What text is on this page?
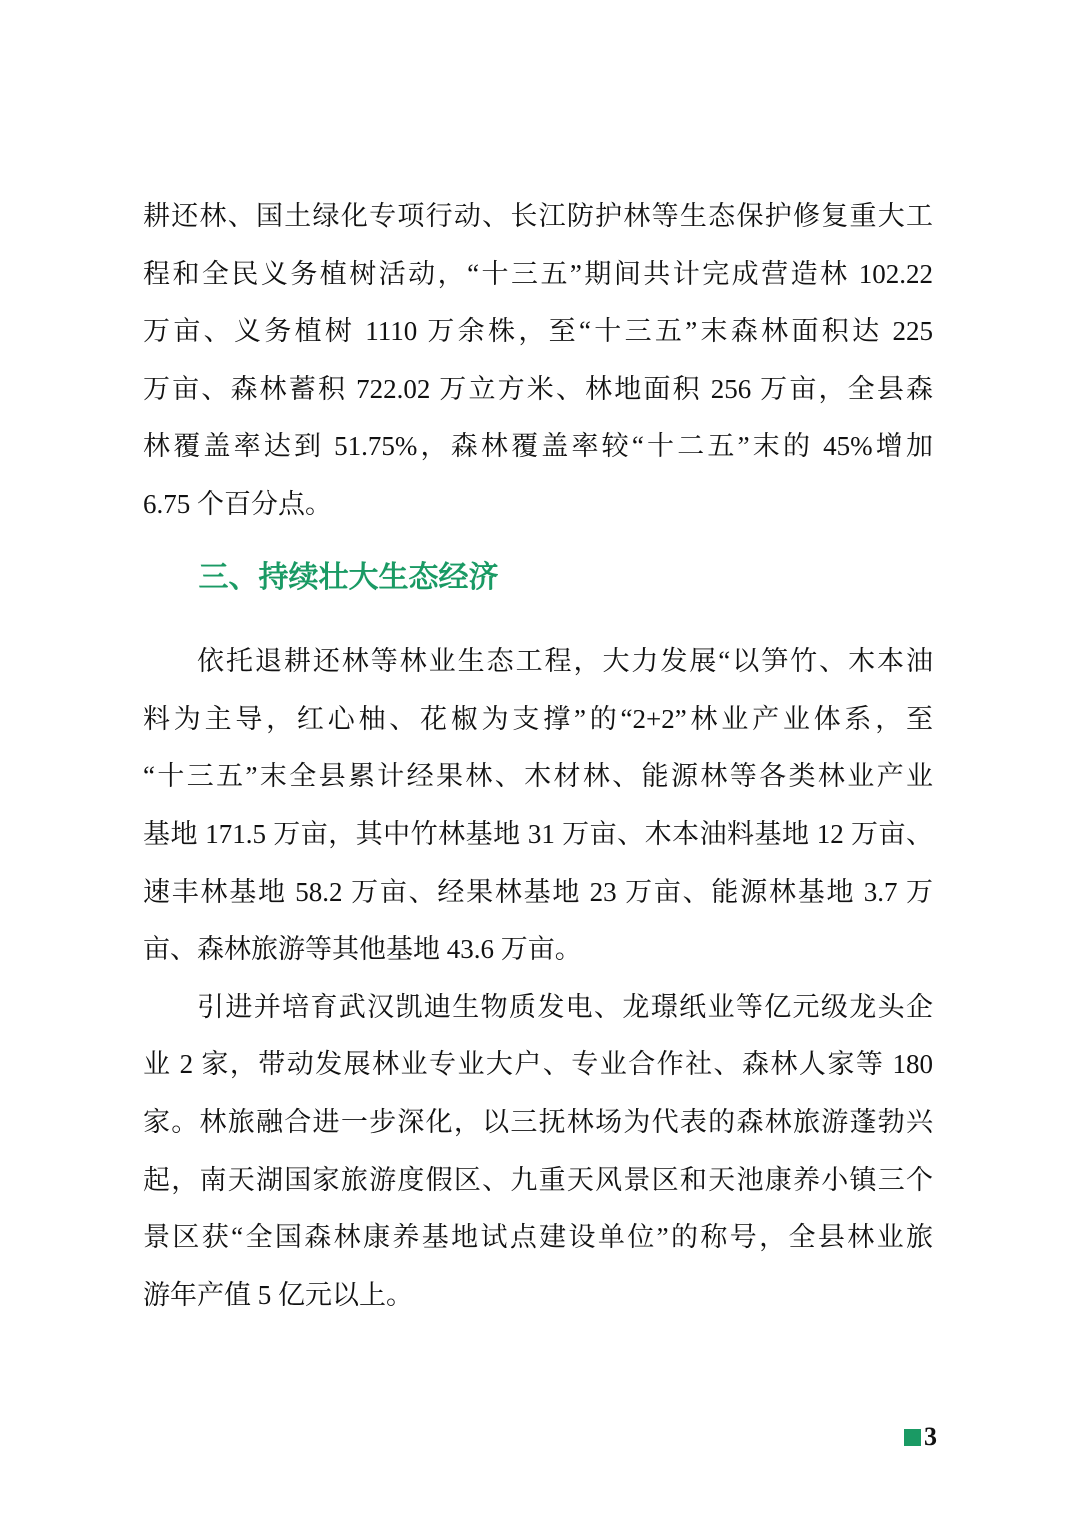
耕还林、国土绿化专项行动、长江防护林等生态保护修复重大工
程和全民义务植树活动，“十三五”期间共计完成营造林 102.22
万亩、义务植树 1110 万余株，至“十三五”末森林面积达 225
万亩、森林蓄积 722.02 万立方米、林地面积 256 万亩，全县森
林覆盖率达到 51.75%，森林覆盖率较“十二五”末的 45%增加
6.75 个百分点。

三、持续壮大生态经济

依托退耕还林等林业生态工程，大力发展“以笋竹、木本油
料为主导，红心柚、花椒为支撑”的“2+2”林业产业体系，至
“十三五”末全县累计经果林、木材林、能源林等各类林业产业
基地 171.5 万亩，其中竹林基地 31 万亩、木本油料基地 12 万亩、
速丰林基地 58.2 万亩、经果林基地 23 万亩、能源林基地 3.7 万
亩、森林旅游等其他基地 43.6 万亩。

引进并培育武汉凯迪生物质发电、龙璟纸业等亿元级龙头企
业 2 家，带动发展林业专业大户、专业合作社、森林人家等 180
家。林旅融合进一步深化，以三抚林场为代表的森林旅游蓬勃兴
起，南天湖国家旅游度假区、九重天风景区和天池康养小镇三个
景区获“全国森林康养基地试点建设单位”的称号，全县林业旅
游年产值 5 亿元以上。

3
